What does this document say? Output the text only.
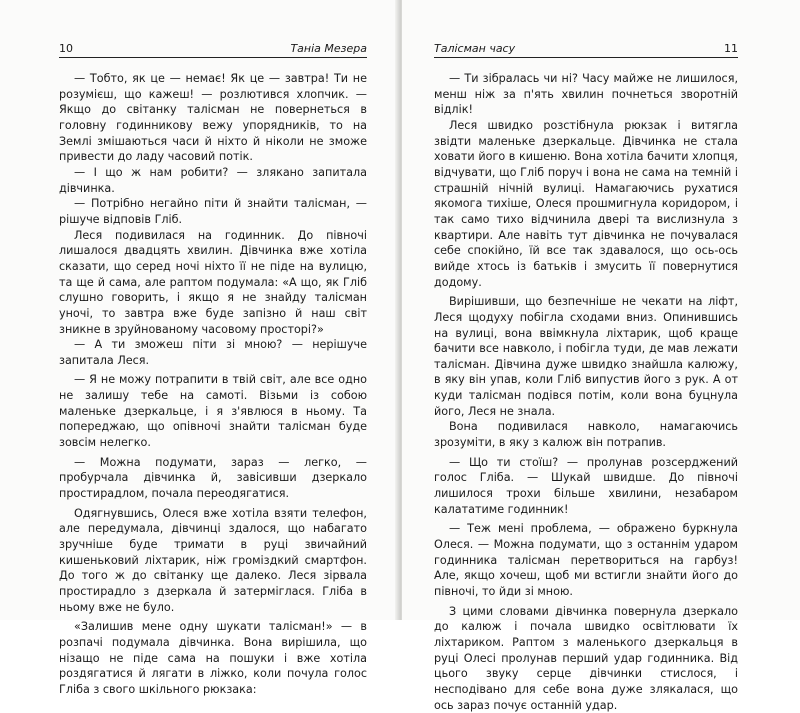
10	Таніа Мезера

— Тобто, як це — немає! Як це — завтра! Ти не розумієш, що кажеш! — розлютився хлопчик. — Якщо до світанку талісман не повернеться в головну годинникову вежу упорядників, то на Землі змішаються часи й ніхто й ніколи не зможе привести до ладу часовий потік.

— І що ж нам робити? — злякано запитала дівчинка.

— Потрібно негайно піти й знайти талісман, — рішуче відповів Гліб.

Леся подивилася на годинник. До півночі лишалося двадцять хвилин. Дівчинка вже хотіла сказати, що серед ночі ніхто її не піде на вулицю, та ще й сама, але раптом подумала: «А що, як Гліб слушно говорить, і якщо я не знайду талісман уночі, то завтра вже буде запізно й наш світ зникне в зруйнованому часовому просторі?»

— А ти зможеш піти зі мною? — нерішуче запитала Леся.

— Я не можу потрапити в твій світ, але все одно не залишу тебе на самоті. Візьми із собою маленьке дзеркальце, і я з'явлюся в ньому. Та попереджаю, що опівночі знайти талісман буде зовсім нелегко.

— Можна подумати, зараз — легко, — пробурчала дівчинка й, завісивши дзеркало простирадлом, почала переодягатися.

Одягнувшись, Олеся вже хотіла взяти телефон, але передумала, дівчинці здалося, що набагато зручніше буде тримати в руці звичайний кишеньковий ліхтарик, ніж громіздкий смартфон. До того ж до світанку ще далеко. Леся зірвала простирадло з дзеркала й затерміглася. Гліба в ньому вже не було.

«Залишив мене одну шукати талісман!» — в розпачі подумала дівчинка. Вона вирішила, що нізащо не піде сама на пошуки і вже хотіла роздягатися й лягати в ліжко, коли почула голос Гліба з свого шкільного рюкзака:

Талісман часу	11

— Ти зібралась чи ні? Часу майже не лишилося, менш ніж за п'ять хвилин почнеться зворотній відлік!

Леся швидко розстібнула рюкзак і витягла звідти маленьке дзеркальце. Дівчинка не стала ховати його в кишеню. Вона хотіла бачити хлопця, відчувати, що Гліб поруч і вона не сама на темній і страшній нічній вулиці. Намагаючись рухатися якомога тихіше, Олеся прошмигнула коридором, і так само тихо відчинила двері та вислизнула з квартири. Але навіть тут дівчинка не почувалася себе спокійно, їй все так здавалося, що ось-ось вийде хтось із батьків і змусить її повернутися додому.

Вирішивши, що безпечніше не чекати на ліфт, Леся щодуху побігла сходами вниз. Опинившись на вулиці, вона ввімкнула ліхтарик, щоб краще бачити все навколо, і побігла туди, де мав лежати талісман. Дівчина дуже швидко знайшла калюжу, в яку він упав, коли Гліб випустив його з рук. А от куди талісман подівся потім, коли вона буцнула його, Леся не знала.

Вона подивилася навколо, намагаючись зрозуміти, в яку з калюж він потрапив.

— Що ти стоїш? — пролунав розсерджений голос Гліба. — Шукай швидше. До півночі лишилося трохи більше хвилини, незабаром калататиме годинник!

— Теж мені проблема, — ображено буркнула Олеся. — Можна подумати, що з останнім ударом годинника талісман перетвориться на гарбуз! Але, якщо хочеш, щоб ми встигли знайти його до півночі, то йди зі мною.

З цими словами дівчинка повернула дзеркало до калюж і почала швидко освітлювати їх ліхтариком. Раптом з маленького дзеркальця в руці Олесі пролунав перший удар годинника. Від цього звуку серце дівчинки стислося, і несподівано для себе вона дуже злякалася, що ось зараз почує останній удар.
